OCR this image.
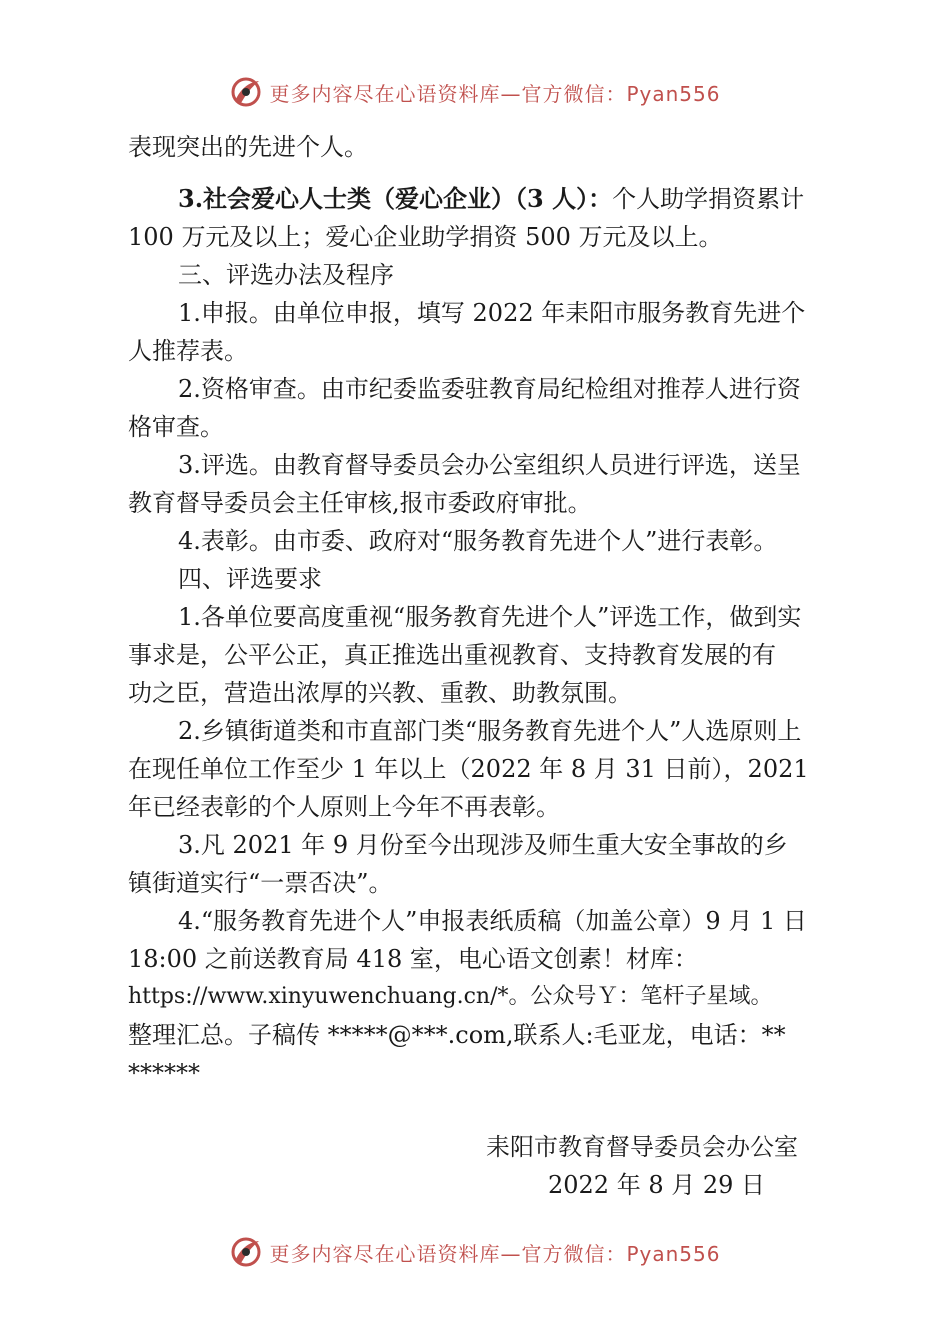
更多内容尽在心语资料库—官方微信：Pyan556
表现突出的先进个人。
3.社会爱心人士类（爱心企业）（3 人）：个人助学捐资累计
100 万元及以上；爱心企业助学捐资 500 万元及以上。
三、评选办法及程序
1.申报。由单位申报，填写 2022 年耒阳市服务教育先进个
人推荐表。
2.资格审查。由市纪委监委驻教育局纪检组对推荐人进行资
格审查。
3.评选。由教育督导委员会办公室组织人员进行评选，送呈
教育督导委员会主任审核,报市委政府审批。
4.表彰。由市委、政府对“服务教育先进个人”进行表彰。
四、评选要求
1.各单位要高度重视“服务教育先进个人”评选工作，做到实
事求是，公平公正，真正推选出重视教育、支持教育发展的有
功之臣，营造出浓厚的兴教、重教、助教氛围。
2.乡镇街道类和市直部门类“服务教育先进个人”人选原则上
在现任单位工作至少 1 年以上（2022 年 8 月 31 日前），2021
年已经表彰的个人原则上今年不再表彰。
3.凡 2021 年 9 月份至今出现涉及师生重大安全事故的乡
镇街道实行“一票否决”。
4.“服务教育先进个人”申报表纸质稿（加盖公章）9 月 1 日
18:00 之前送教育局 418 室，电心语文创素！材库：
https://www.xinyuwenchuang.cn/*。公众号Ｙ：笔杆子星域。
整理汇总。子稿传 *****@***.com,联系人:毛亚龙，电话：**
******
耒阳市教育督导委员会办公室
2022 年 8 月 29 日
更多内容尽在心语资料库—官方微信：Pyan556
